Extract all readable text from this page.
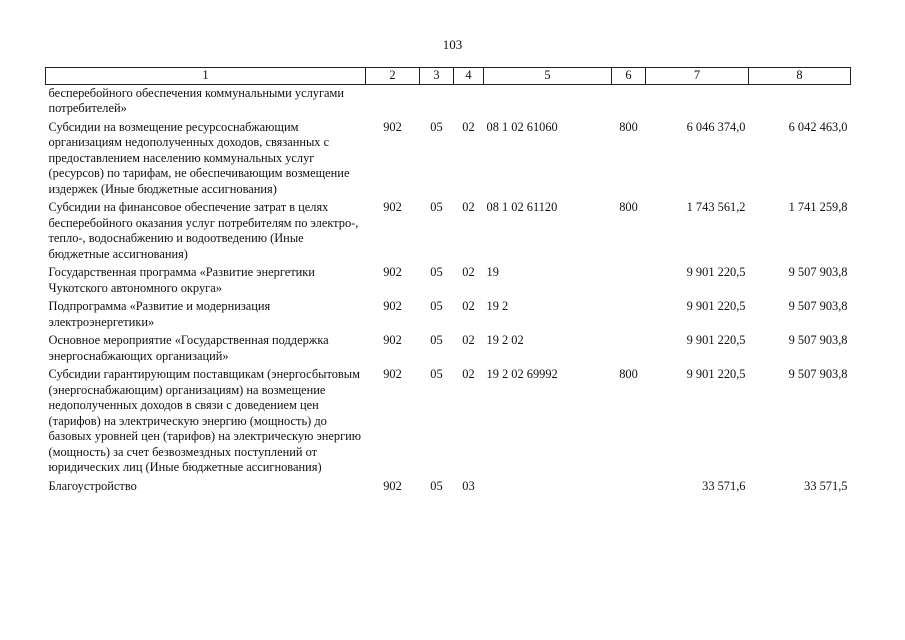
103
1	2	3	4	5	6	7	8
бесперебойного обеспечения коммунальными услугами потребителей»							
Субсидии на возмещение ресурсоснабжающим организациям недополученных доходов, связанных с предоставлением населению коммунальных услуг (ресурсов) по тарифам, не обеспечивающим возмещение издержек (Иные бюджетные ассигнования)	902	05	02	08 1 02 61060	800	6 046 374,0	6 042 463,0
Субсидии на финансовое обеспечение затрат в целях бесперебойного оказания услуг потребителям по электро-, тепло-, водоснабжению и водоотведению (Иные бюджетные ассигнования)	902	05	02	08 1 02 61120	800	1 743 561,2	1 741 259,8
Государственная программа «Развитие энергетики Чукотского автономного округа»	902	05	02	19		9 901 220,5	9 507 903,8
Подпрограмма «Развитие и модернизация электроэнергетики»	902	05	02	19 2		9 901 220,5	9 507 903,8
Основное мероприятие «Государственная поддержка энергоснабжающих организаций»	902	05	02	19 2 02		9 901 220,5	9 507 903,8
Субсидии гарантирующим поставщикам (энергосбытовым (энергоснабжающим) организациям) на возмещение недополученных доходов в связи с доведением цен (тарифов) на электрическую энергию (мощность) до базовых уровней цен (тарифов) на электрическую энергию (мощность) за счет безвозмездных поступлений от юридических лиц (Иные бюджетные ассигнования)	902	05	02	19 2 02 69992	800	9 901 220,5	9 507 903,8
Благоустройство	902	05	03			33 571,6	33 571,5
